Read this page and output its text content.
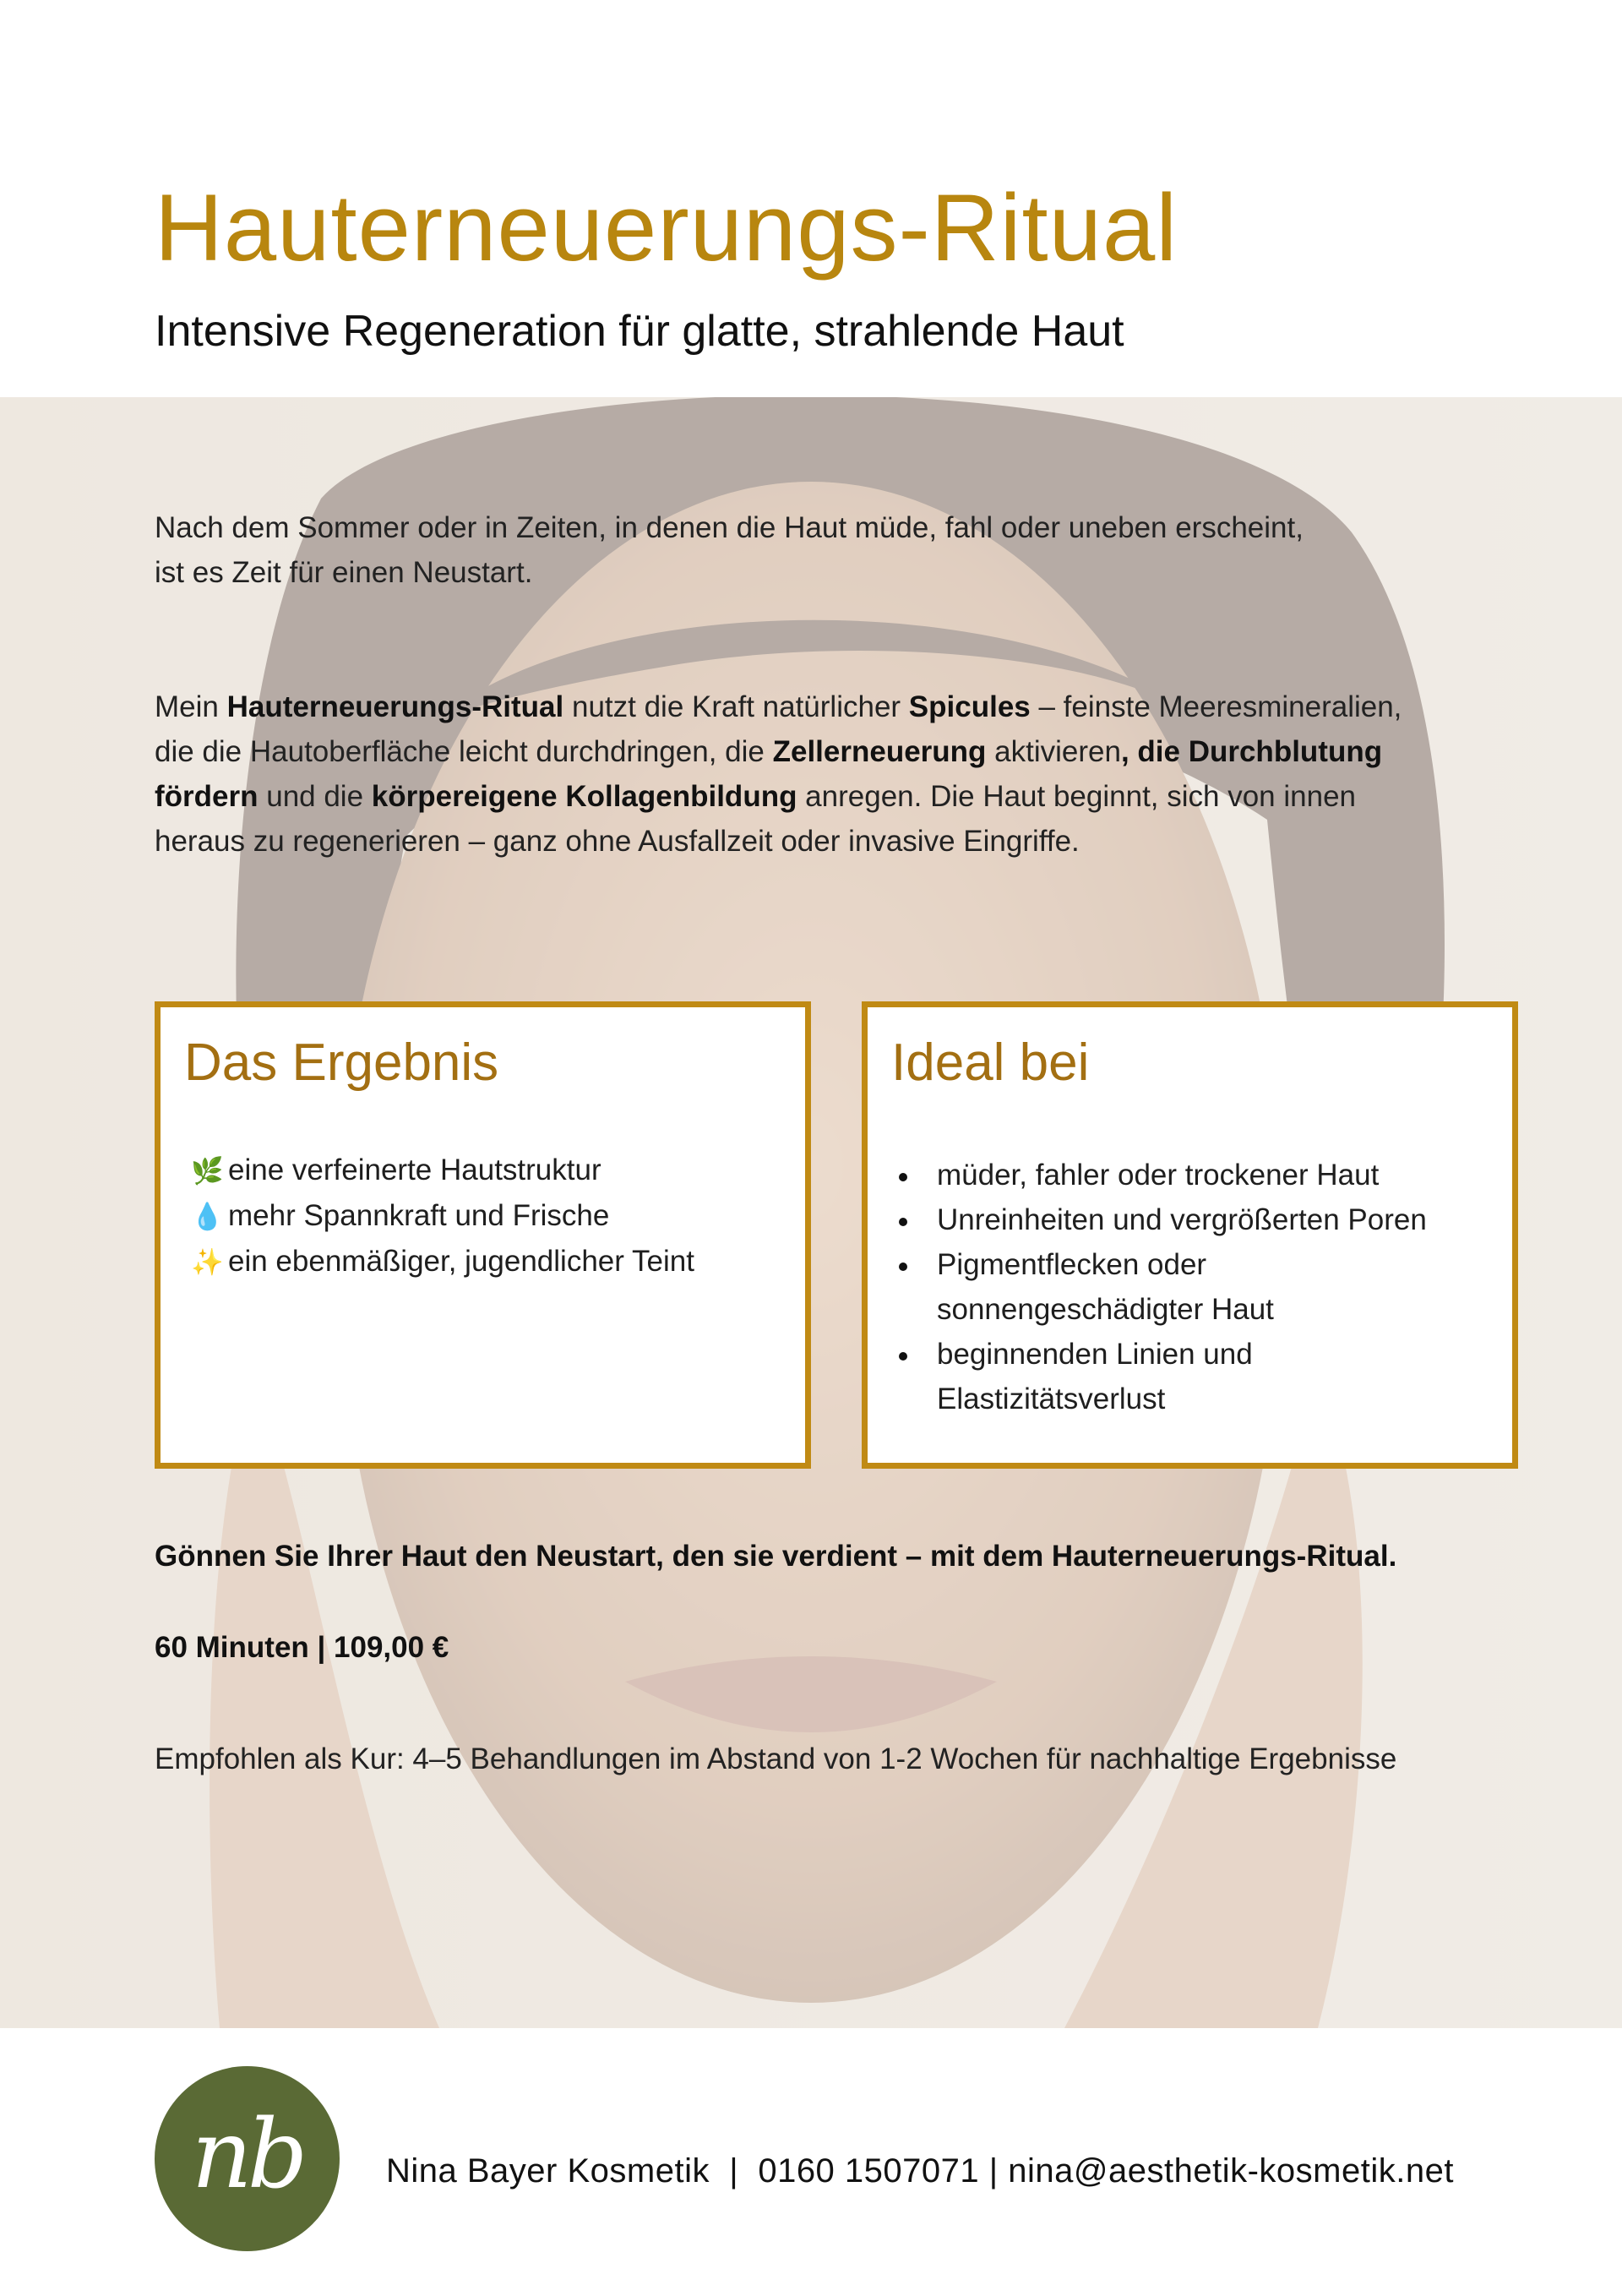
Hauterneuerungs-Ritual

Intensive Regeneration für glatte, strahlende Haut

Nach dem Sommer oder in Zeiten, in denen die Haut müde, fahl oder uneben erscheint,
ist es Zeit für einen Neustart.

Mein Hauterneuerungs-Ritual nutzt die Kraft natürlicher Spicules – feinste Meeresmineralien, die die Hautoberfläche leicht durchdringen, die Zellerneuerung aktivieren, die Durchblutung fördern und die körpereigene Kollagenbildung anregen. Die Haut beginnt, sich von innen heraus zu regenerieren – ganz ohne Ausfallzeit oder invasive Eingriffe.

Das Ergebnis
🌿 eine verfeinerte Hautstruktur
💧 mehr Spannkraft und Frische
✨ ein ebenmäßiger, jugendlicher Teint
Ideal bei
müder, fahler oder trockener Haut
Unreinheiten und vergrößerten Poren
Pigmentflecken oder sonnengeschädigter Haut
beginnenden Linien und Elastizitätsverlust

Gönnen Sie Ihrer Haut den Neustart, den sie verdient – mit dem Hauterneuerungs-Ritual.

60 Minuten | 109,00 €

Empfohlen als Kur: 4–5 Behandlungen im Abstand von 1-2 Wochen für nachhaltige Ergebnisse

nb Nina Bayer Kosmetik  |  0160 1507071 | nina@aesthetik-kosmetik.net
